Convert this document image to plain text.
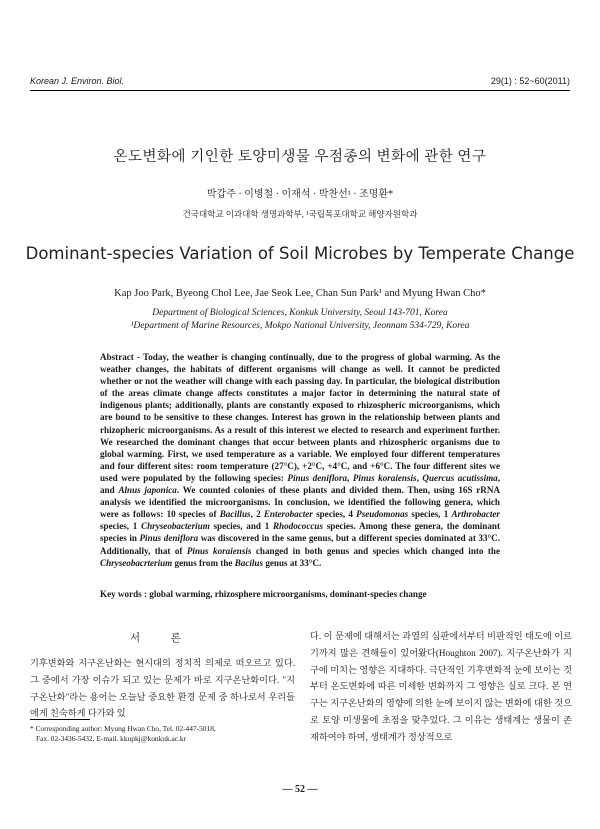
Korean J. Environ. Biol.	29(1) : 52~60(2011)
온도변화에 기인한 토양미생물 우점종의 변화에 관한 연구
박갑주 · 이병철 · 이재석 · 박찬선¹ · 조명환*
건국대학교 이과대학 생명과학부, ¹국립목포대학교 해양자원학과
Dominant-species Variation of Soil Microbes by Temperate Change
Kap Joo Park, Byeong Chol Lee, Jae Seok Lee, Chan Sun Park¹ and Myung Hwan Cho*
Department of Biological Sciences, Konkuk University, Seoul 143-701, Korea
¹Department of Marine Resources, Mokpo National University, Jeonnam 534-729, Korea
Abstract - Today, the weather is changing continually, due to the progress of global warming. As the weather changes, the habitats of different organisms will change as well. It cannot be predicted whether or not the weather will change with each passing day. In particular, the biological distribution of the areas climate change affects constitutes a major factor in determining the natural state of indigenous plants; additionally, plants are constantly exposed to rhizospheric microorganisms, which are bound to be sensitive to these changes. Interest has grown in the relationship between plants and rhizopheric microorganisms. As a result of this interest we elected to research and experiment further. We researched the dominant changes that occur between plants and rhizospheric organisms due to global warming. First, we used temperature as a variable. We employed four different temperatures and four different sites: room temperature (27°C), +2°C, +4°C, and +6°C. The four different sites we used were populated by the following species: Pinus deniflora, Pinus koraiensis, Quercus acutissima, and Alnus japonica. We counted colonies of these plants and divided them. Then, using 16S rRNA analysis we identified the microorganisms. In conclusion, we identified the following genera, which were as follows: 10 species of Bacillus, 2 Enterobacter species, 4 Pseudomonas species, 1 Arthrobacter species, 1 Chryseobacterium species, and 1 Rhodococcus species. Among these genera, the dominant species in Pinus deniflora was discovered in the same genus, but a different species dominated at 33°C. Additionally, that of Pinus koraiensis changed in both genus and species which changed into the Chryseobacrterium genus from the Bacilus genus at 33°C.
Key words : global warming, rhizosphere microorganisms, dominant-species change
서 론
기후변화와 지구온난화는 현시대의 정치적 의제로 떠오르고 있다. 그 중에서 가장 이슈가 되고 있는 문제가 바로 지구온난화이다. "지구온난화"라는 용어는 오늘날 중요한 환경 문제 중 하나로서 우리들에게 친숙하게 다가와 있
다. 이 문제에 대해서는 과열의 심판에서부터 비판적인 태도에 이르기까지 많은 견해들이 있어왔다(Houghton 2007). 지구온난화가 지구에 미치는 영향은 지대하다. 극단적인 기후변화적 눈에 보이는 것부터 온도변화에 따른 미세한 변화까지 그 영향은 실로 크다. 본 연구는 지구온난화의 영향에 의한 눈에 보이지 않는 변화에 대한 것으로 토양 미생물에 초점을 맞추었다. 그 이유는 생태계는 생물이 존재하여야 하며, 생태계가 정상적으로
* Corresponding author: Myung Hwan Cho, Tel. 02-447-5018,
Fax. 02-3436-5432, E-mail. kkupkj@konkuk.ac.kr
— 52 —
